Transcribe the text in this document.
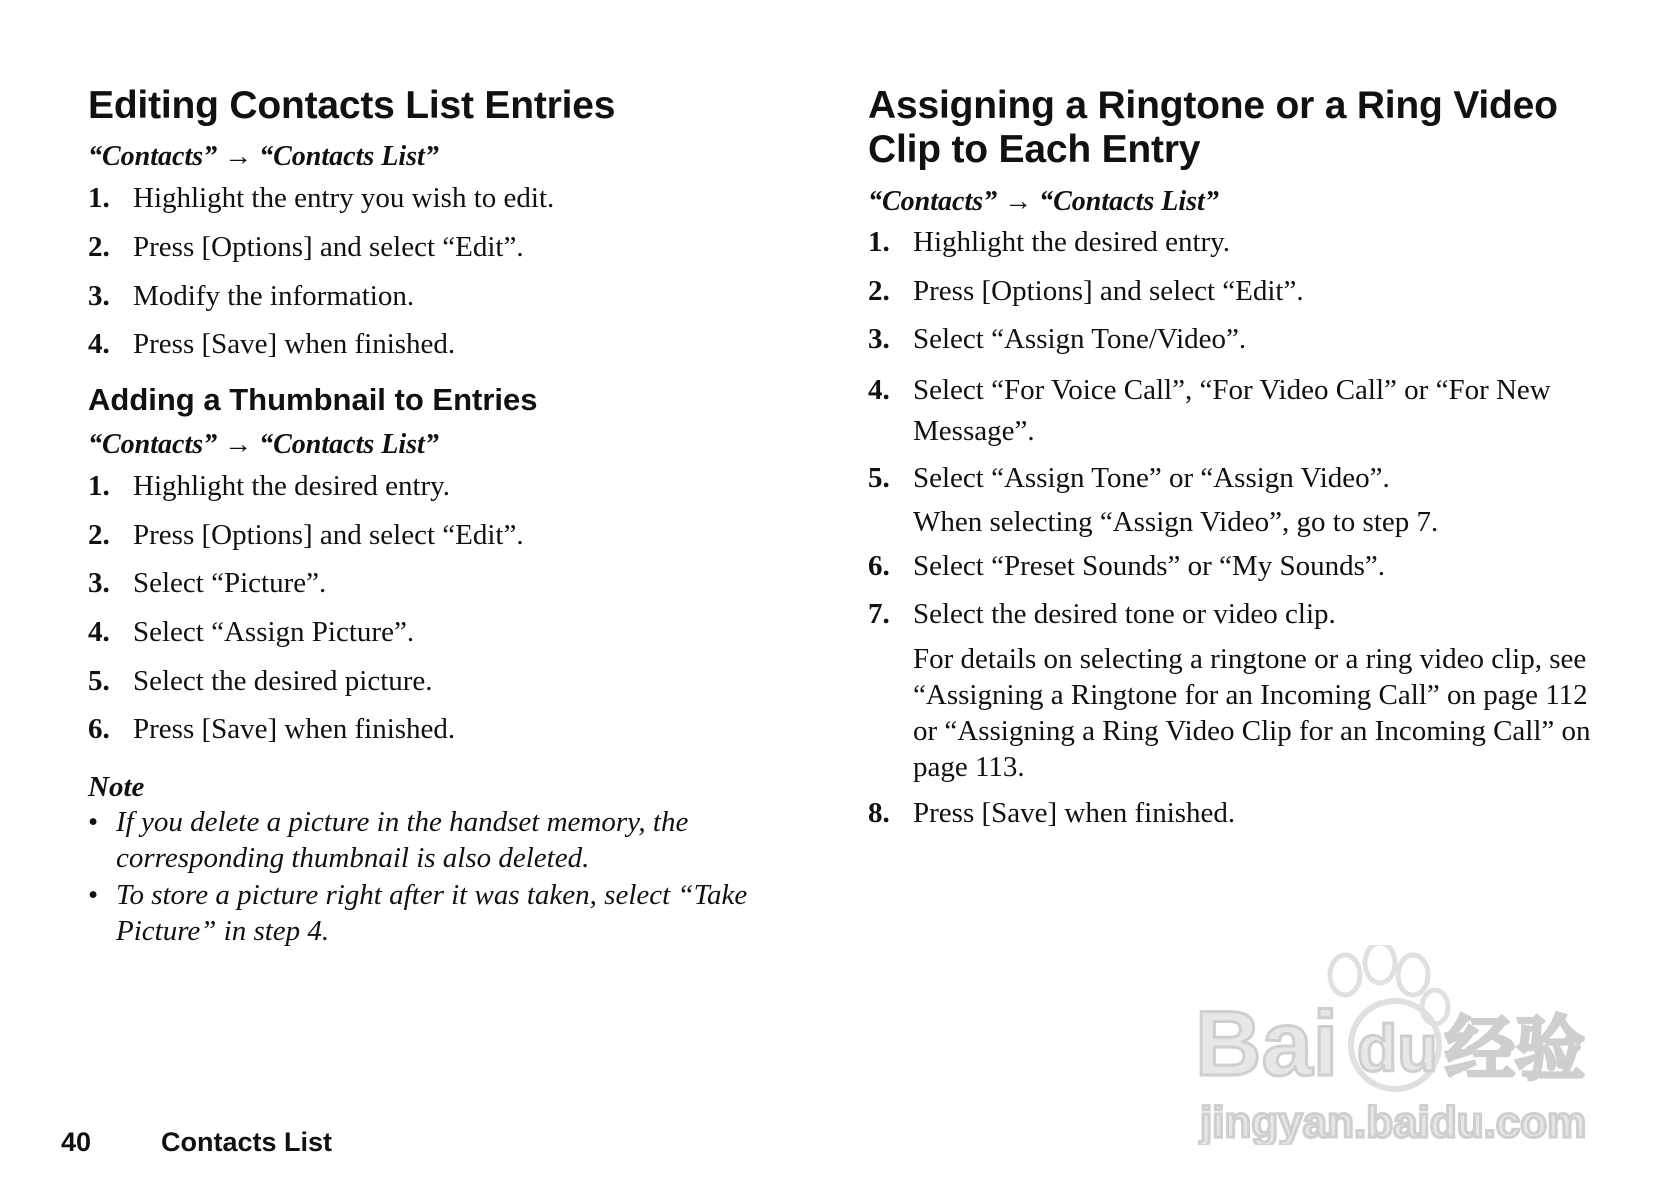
Editing Contacts List Entries
“Contacts” → “Contacts List”
1. Highlight the entry you wish to edit.
2. Press [Options] and select “Edit”.
3. Modify the information.
4. Press [Save] when finished.
Adding a Thumbnail to Entries
“Contacts” → “Contacts List”
1. Highlight the desired entry.
2. Press [Options] and select “Edit”.
3. Select “Picture”.
4. Select “Assign Picture”.
5. Select the desired picture.
6. Press [Save] when finished.
Note
• If you delete a picture in the handset memory, the corresponding thumbnail is also deleted.
• To store a picture right after it was taken, select “Take Picture” in step 4.
Assigning a Ringtone or a Ring Video
Clip to Each Entry
“Contacts” → “Contacts List”
1. Highlight the desired entry.
2. Press [Options] and select “Edit”.
3. Select “Assign Tone/Video”.
4. Select “For Voice Call”, “For Video Call” or “For New Message”.
5. Select “Assign Tone” or “Assign Video”.
When selecting “Assign Video”, go to step 7.
6. Select “Preset Sounds” or “My Sounds”.
7. Select the desired tone or video clip.
For details on selecting a ringtone or a ring video clip, see “Assigning a Ringtone for an Incoming Call” on page 112 or “Assigning a Ring Video Clip for an Incoming Call” on page 113.
8. Press [Save] when finished.
Bai du 经验
jingyan.baidu.com
40	Contacts List
